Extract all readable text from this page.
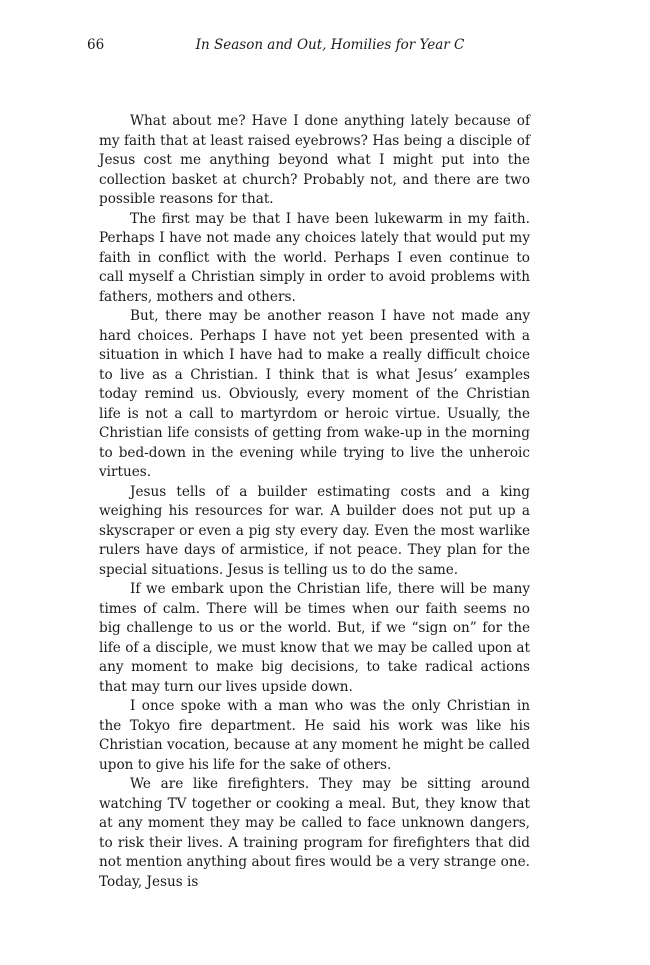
66	In Season and Out, Homilies for Year C

What about me? Have I done anything lately because of my faith that at least raised eyebrows? Has being a disciple of Jesus cost me anything beyond what I might put into the collection basket at church? Probably not, and there are two possible reasons for that.

The first may be that I have been lukewarm in my faith. Perhaps I have not made any choices lately that would put my faith in conflict with the world. Perhaps I even continue to call myself a Christian simply in order to avoid problems with fathers, mothers and others.

But, there may be another reason I have not made any hard choices. Perhaps I have not yet been presented with a situation in which I have had to make a really difficult choice to live as a Christian. I think that is what Jesus’ examples today remind us. Obviously, every moment of the Christian life is not a call to martyrdom or heroic virtue. Usually, the Christian life consists of getting from wake-up in the morning to bed-down in the evening while trying to live the unheroic virtues.

Jesus tells of a builder estimating costs and a king weighing his resources for war. A builder does not put up a skyscraper or even a pig sty every day. Even the most warlike rulers have days of armistice, if not peace. They plan for the special situations. Jesus is telling us to do the same.

If we embark upon the Christian life, there will be many times of calm. There will be times when our faith seems no big challenge to us or the world. But, if we “sign on” for the life of a disciple, we must know that we may be called upon at any moment to make big decisions, to take radical actions that may turn our lives upside down.

I once spoke with a man who was the only Christian in the Tokyo fire department. He said his work was like his Christian vocation, because at any moment he might be called upon to give his life for the sake of others.

We are like firefighters. They may be sitting around watching TV together or cooking a meal. But, they know that at any moment they may be called to face unknown dangers, to risk their lives. A training program for firefighters that did not mention anything about fires would be a very strange one. Today, Jesus is
